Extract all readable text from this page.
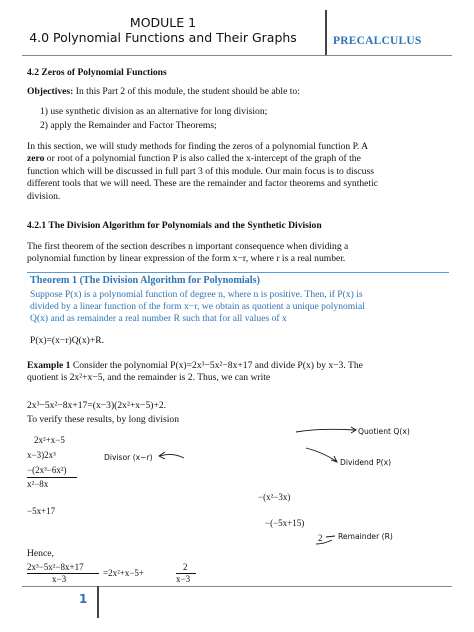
MODULE 1
4.0 Polynomial Functions and Their Graphs	PRECALCULUS
4.2 Zeros of Polynomial Functions
Objectives: In this Part 2 of this module, the student should be able to:
1) use synthetic division as an alternative for long division;
2) apply the Remainder and Factor Theorems;
In this section, we will study methods for finding the zeros of a polynomial function P. A
zero or root of a polynomial function P is also called the x-intercept of the graph of the
function which will be discussed in full part 3 of this module. Our main focus is to discuss
different tools that we will need. These are the remainder and factor theorems and synthetic
division.
4.2.1 The Division Algorithm for Polynomials and the Synthetic Division
The first theorem of the section describes n important consequence when dividing a
polynomial function by linear expression of the form x−r, where r is a real number.
Theorem 1 (The Division Algorithm for Polynomials)
Suppose P(x) is a polynomial function of degree n, where n is positive. Then, if P(x) is
divided by a linear function of the form x−r, we obtain as quotient a unique polynomial
Q(x) and as remainder a real number R such that for all values of x
P(x)=(x−r)Q(x)+R.
Example 1 Consider the polynomial P(x)=2x³−5x²−8x+17 and divide P(x) by x−3. The
quotient is 2x²+x−5, and the remainder is 2. Thus, we can write
2x³−5x²−8x+17=(x−3)(2x²+x−5)+2.
To verify these results, by long division
2x²+x−5
x−3)2x³
−(2x³−6x²)
x²−8x
−(x²−3x)
−5x+17
−(−5x+15)
2
Quotient Q(x)
Divisor (x−r)
Dividend P(x)
Remainder (R)
Hence,
2x³−5x²−8x+17
x−3
=2x²+x−5+
2
x−3
1
